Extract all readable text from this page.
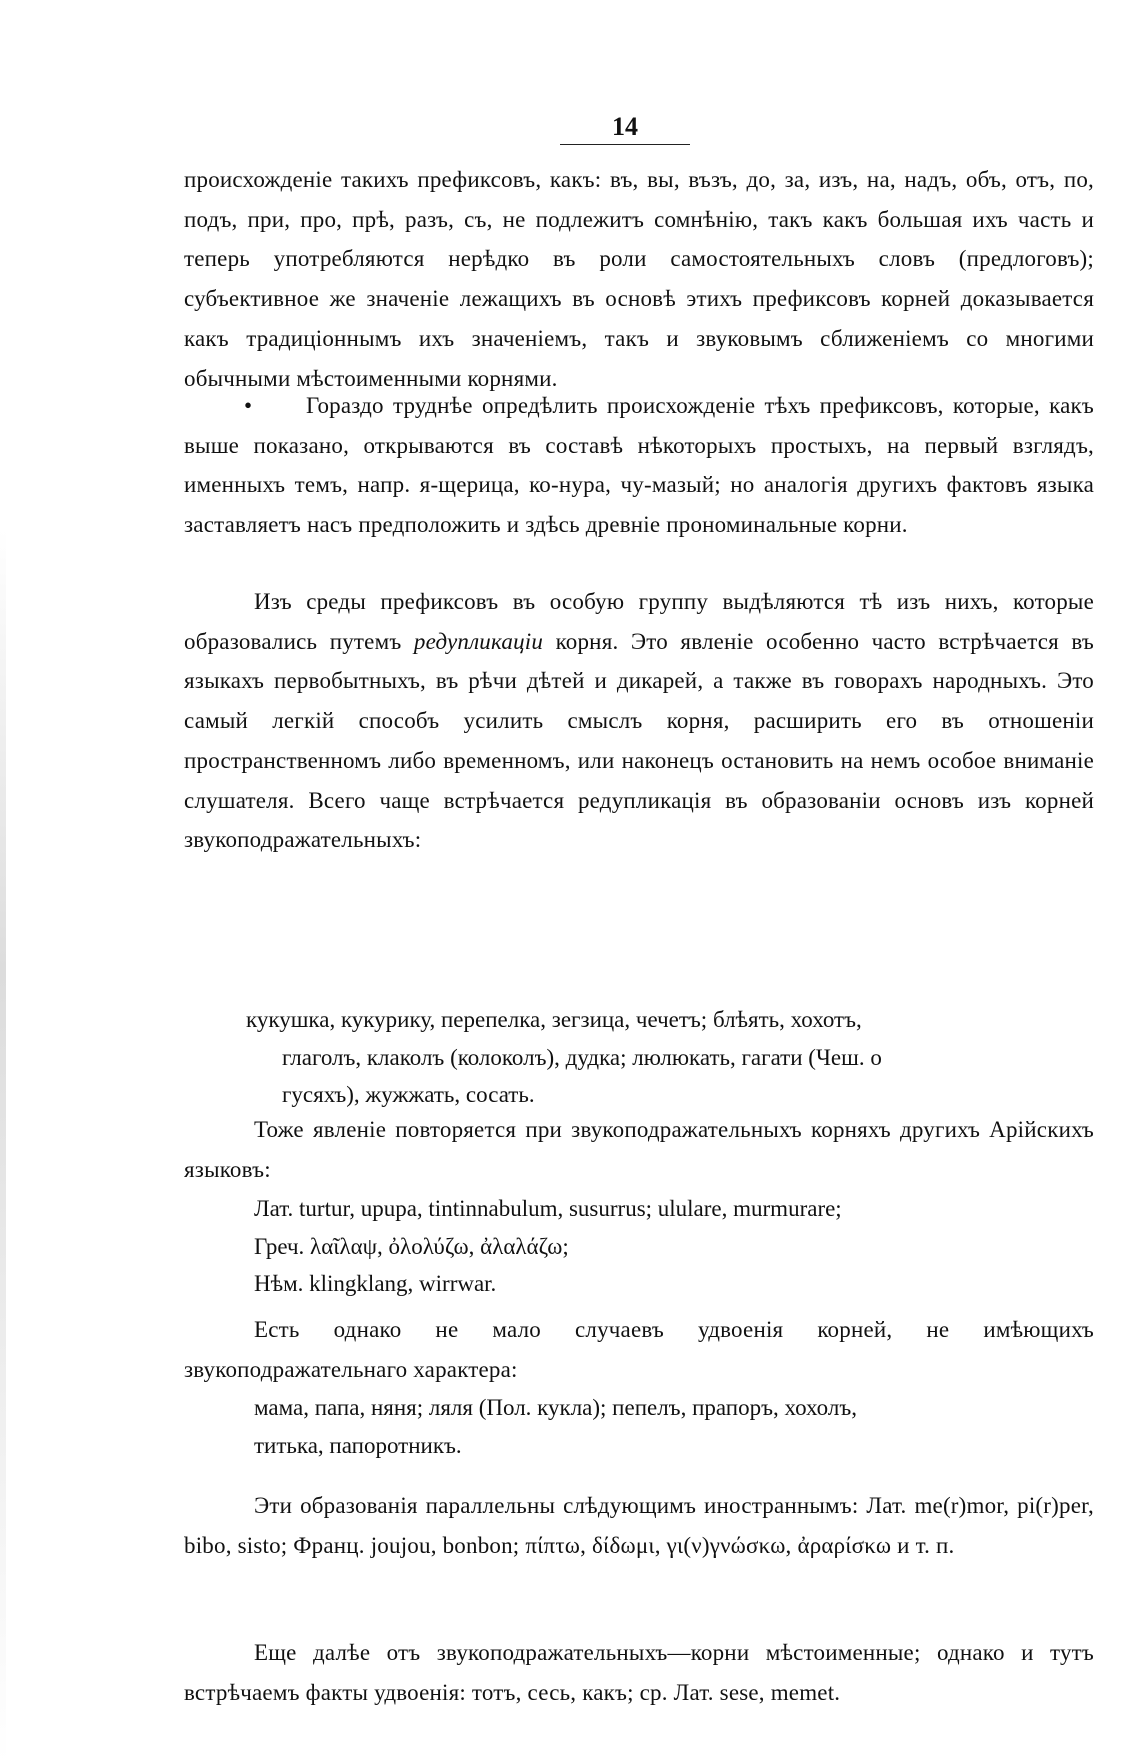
14

происхожденіе такихъ префиксовъ, какъ: въ, вы, възъ, до, за, изъ, на, надъ, объ, отъ, по, подъ, при, про, прѣ, разъ, съ, не подлежитъ сомнѣнію, такъ какъ большая ихъ часть и теперь употребляются нерѣдко въ роли самостоятельныхъ словъ (предлоговъ); субъективное же значеніе лежащихъ въ основѣ этихъ префиксовъ корней доказывается какъ традиціоннымъ ихъ значеніемъ, такъ и звуковымъ сближеніемъ со многими обычными мѣстоименными корнями.

• Гораздо труднѣе опредѣлить происхожденіе тѣхъ префиксовъ, которые, какъ выше показано, открываются въ составѣ нѣкоторыхъ простыхъ, на первый взглядъ, именныхъ темъ, напр. я-щерица, ко-нура, чу-мазый; но аналогія другихъ фактовъ языка заставляетъ насъ предположить и здѣсь древніе прономинальные корни.

Изъ среды префиксовъ въ особую группу выдѣляются тѣ изъ нихъ, которые образовались путемъ редупликаціи корня. Это явленіе особенно часто встрѣчается въ языкахъ первобытныхъ, въ рѣчи дѣтей и дикарей, а также въ говорахъ народныхъ. Это самый легкій способъ усилить смыслъ корня, расширить его въ отношеніи пространственномъ либо временномъ, или наконецъ остановить на немъ особое вниманіе слушателя. Всего чаще встрѣчается редупликація въ образованіи основъ изъ корней звукоподражательныхъ:

кукушка, кукурику, перепелка, зегзица, чечетъ; блѣять, хохотъ,
глаголъ, клаколъ (колоколъ), дудка; люлюкать, гагати (Чеш. о
гусяхъ), жужжать, сосать.

Тоже явленіе повторяется при звукоподражательныхъ корняхъ другихъ Арійскихъ языковъ:

Лат. turtur, upupa, tintinnabulum, susurrus; ululare, murmurare;
Греч. λαῖλαψ, ὀλολύζω, ἀλαλάζω;
Нѣм. klingklang, wirrwar.

Есть однако не мало случаевъ удвоенія корней, не имѣющихъ звукоподражательнаго характера:

мама, папа, няня; ляля (Пол. кукла); пепелъ, прапоръ, хохолъ,
титька, папоротникъ.

Эти образованія параллельны слѣдующимъ иностраннымъ: Лат. me(r)mor, pi(r)per, bibo, sisto; Франц. joujou, bonbon; πίπτω, δίδωμι, γι(ν)γνώσκω, ἀραρίσκω и т. п.

Еще далѣе отъ звукоподражательныхъ—корни мѣстоименные; однако и тутъ встрѣчаемъ факты удвоенія: тотъ, сесь, какъ; ср. Лат. sese, memet.
